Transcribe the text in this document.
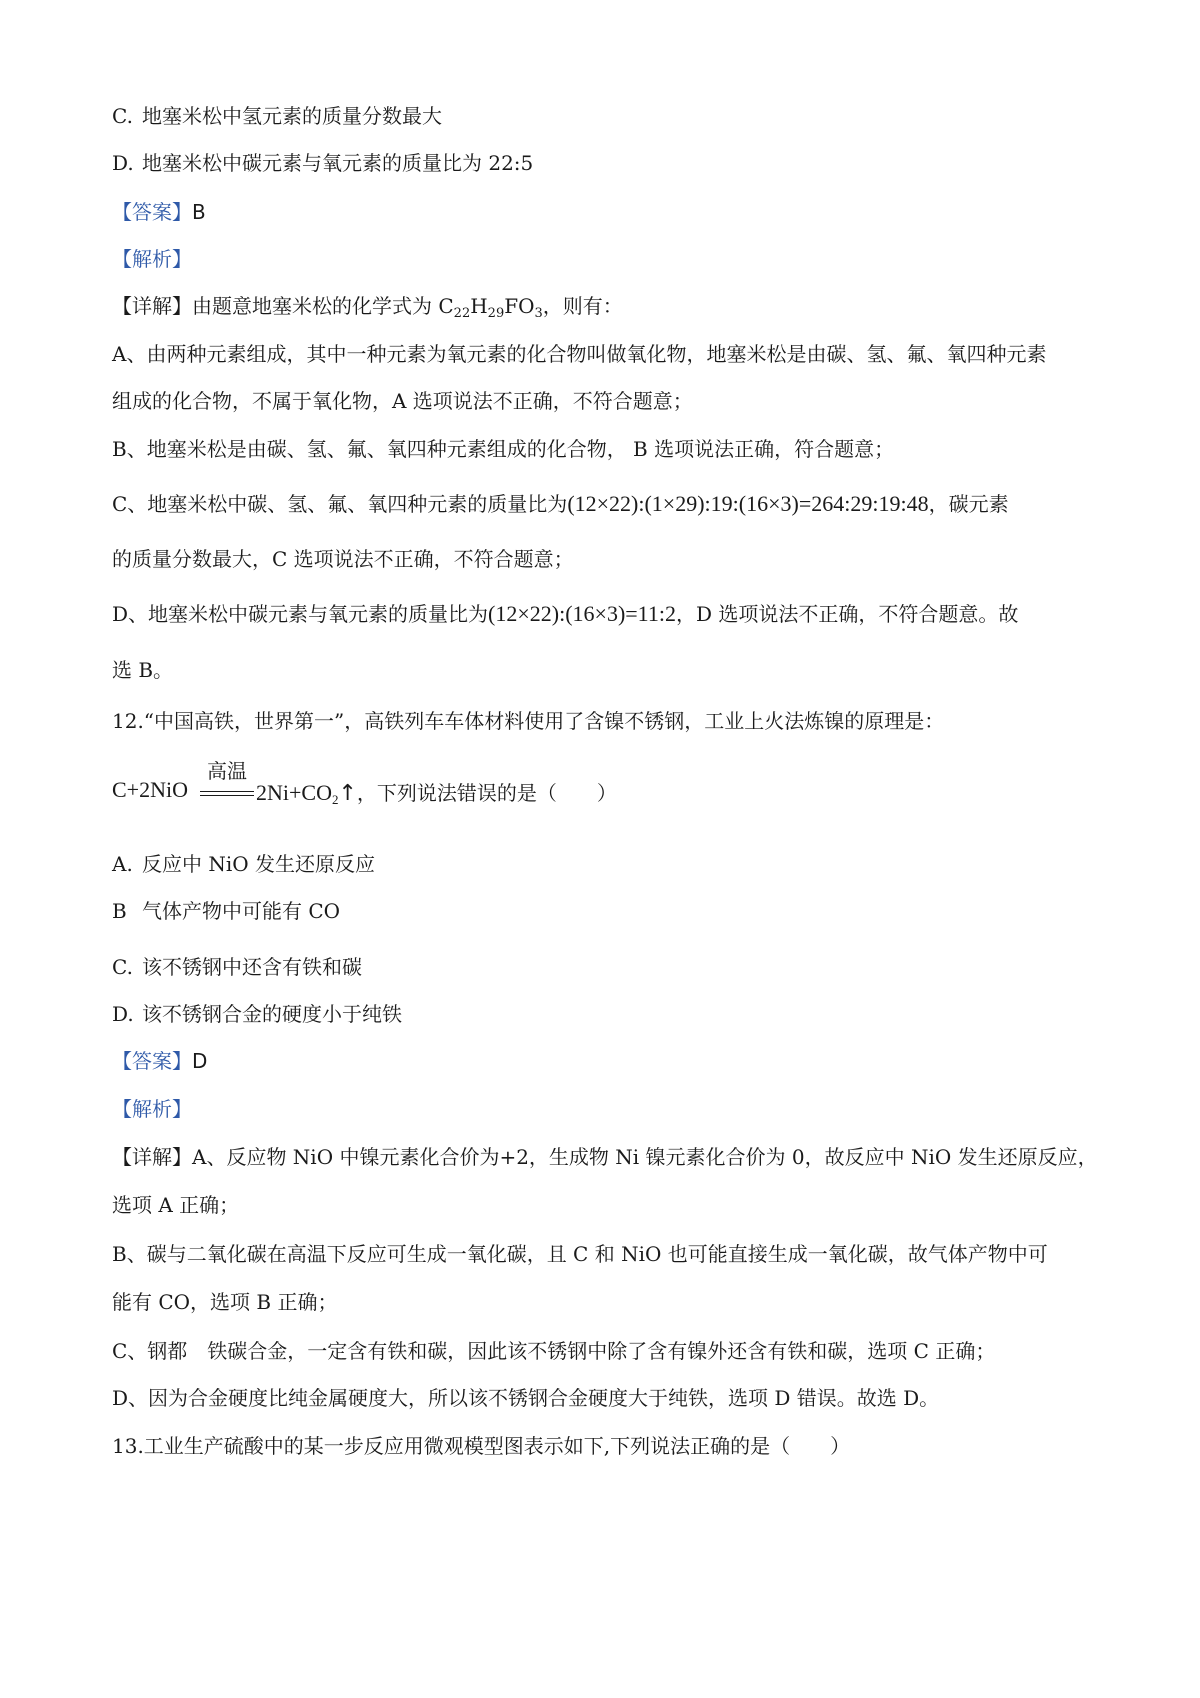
C. 地塞米松中氢元素的质量分数最大
D. 地塞米松中碳元素与氧元素的质量比为 22:5
【答案】B
【解析】
【详解】由题意地塞米松的化学式为 $C_{22}H_{29}FO_3$，则有：
A、由两种元素组成，其中一种元素为氧元素的化合物叫做氧化物，地塞米松是由碳、氢、氟、氧四种元素
组成的化合物，不属于氧化物，A 选项说法不正确，不符合题意；
B、地塞米松是由碳、氢、氟、氧四种元素组成的化合物， B 选项说法正确，符合题意；
C、地塞米松中碳、氢、氟、氧四种元素的质量比为(12×22):(1×29):19:(16×3)=264:29:19:48，碳元素
的质量分数最大，C 选项说法不正确，不符合题意；
D、地塞米松中碳元素与氧元素的质量比为(12×22):(16×3)=11:2，D 选项说法不正确，不符合题意。故
选 B。
12.“中国高铁，世界第一”，高铁列车车体材料使用了含镍不锈钢，工业上火法炼镍的原理是：
C+2NiO
高温
$2Ni+CO_2↑$，下列说法错误的是（　　）
A. 反应中 NiO 发生还原反应
B 气体产物中可能有 CO
C. 该不锈钢中还含有铁和碳
D. 该不锈钢合金的硬度小于纯铁
【答案】D
【解析】
【详解】A、反应物 NiO 中镍元素化合价为+2，生成物 Ni 镍元素化合价为 0，故反应中 NiO 发生还原反应，
选项 A 正确；
B、碳与二氧化碳在高温下反应可生成一氧化碳，且 C 和 NiO 也可能直接生成一氧化碳，故气体产物中可
能有 CO，选项 B 正确；
C、钢都　铁碳合金，一定含有铁和碳，因此该不锈钢中除了含有镍外还含有铁和碳，选项 C 正确；
D、因为合金硬度比纯金属硬度大，所以该不锈钢合金硬度大于纯铁，选项 D 错误。故选 D。
13.工业生产硫酸中的某一步反应用微观模型图表示如下,下列说法正确的是（　　）
